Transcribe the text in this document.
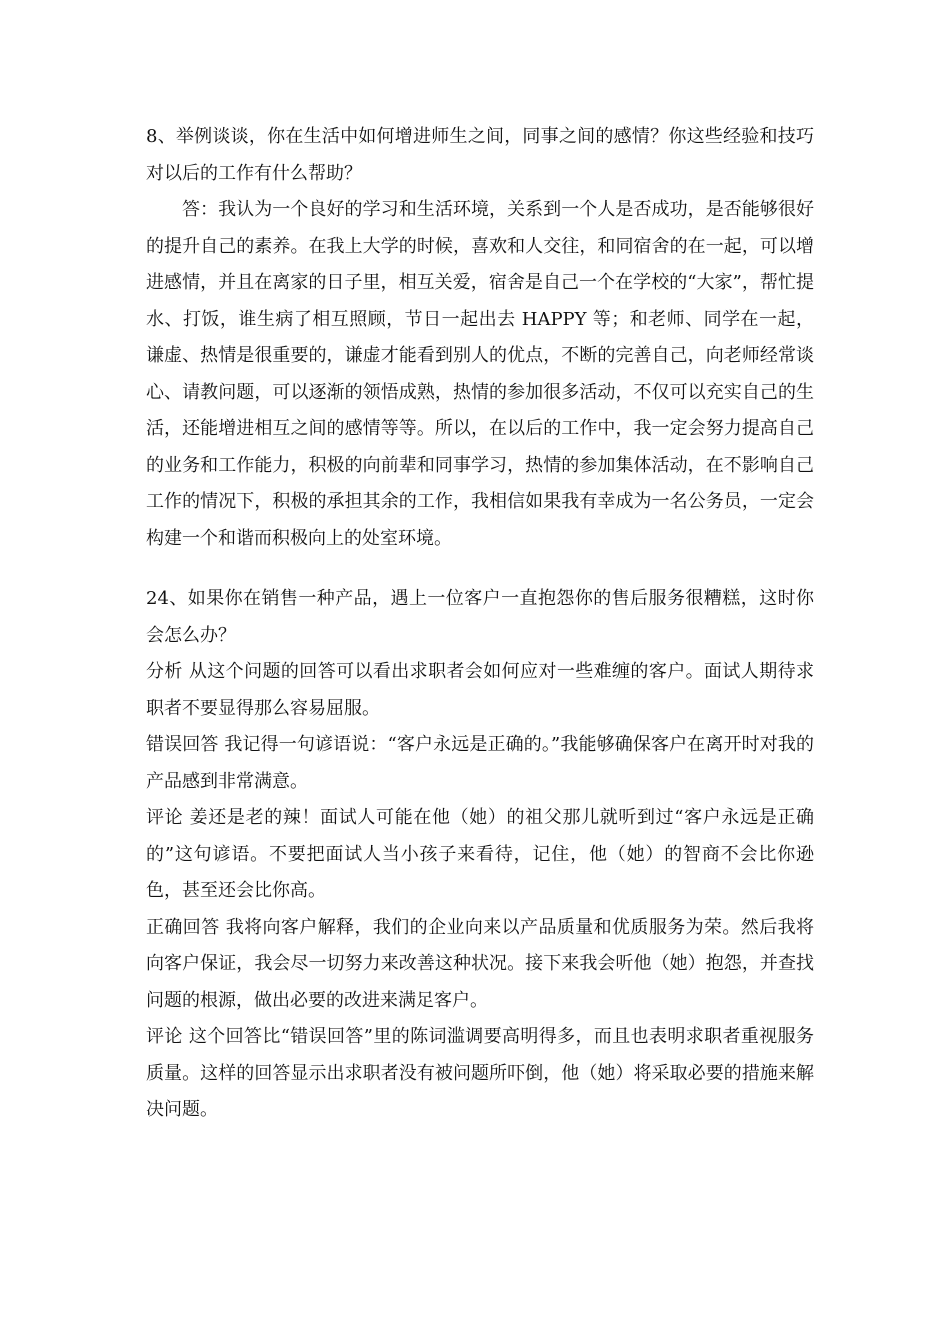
8、举例谈谈，你在生活中如何增进师生之间，同事之间的感情？你这些经验和技巧对以后的工作有什么帮助？

答：我认为一个良好的学习和生活环境，关系到一个人是否成功，是否能够很好的提升自己的素养。在我上大学的时候，喜欢和人交往，和同宿舍的在一起，可以增进感情，并且在离家的日子里，相互关爱，宿舍是自己一个在学校的“大家”，帮忙提水、打饭，谁生病了相互照顾，节日一起出去 HAPPY 等；和老师、同学在一起，谦虚、热情是很重要的，谦虚才能看到别人的优点，不断的完善自己，向老师经常谈心、请教问题，可以逐渐的领悟成熟，热情的参加很多活动，不仅可以充实自己的生活，还能增进相互之间的感情等等。所以，在以后的工作中，我一定会努力提高自己的业务和工作能力，积极的向前辈和同事学习，热情的参加集体活动，在不影响自己工作的情况下，积极的承担其余的工作，我相信如果我有幸成为一名公务员，一定会构建一个和谐而积极向上的处室环境。

24、如果你在销售一种产品，遇上一位客户一直抱怨你的售后服务很糟糕，这时你会怎么办？

分析 从这个问题的回答可以看出求职者会如何应对一些难缠的客户。面试人期待求职者不要显得那么容易屈服。

错误回答 我记得一句谚语说：“客户永远是正确的。”我能够确保客户在离开时对我的产品感到非常满意。

评论 姜还是老的辣！面试人可能在他（她）的祖父那儿就听到过“客户永远是正确的”这句谚语。不要把面试人当小孩子来看待，记住，他（她）的智商不会比你逊色，甚至还会比你高。

正确回答 我将向客户解释，我们的企业向来以产品质量和优质服务为荣。然后我将向客户保证，我会尽一切努力来改善这种状况。接下来我会听他（她）抱怨，并查找问题的根源，做出必要的改进来满足客户。

评论 这个回答比“错误回答”里的陈词滥调要高明得多，而且也表明求职者重视服务质量。这样的回答显示出求职者没有被问题所吓倒，他（她）将采取必要的措施来解决问题。
